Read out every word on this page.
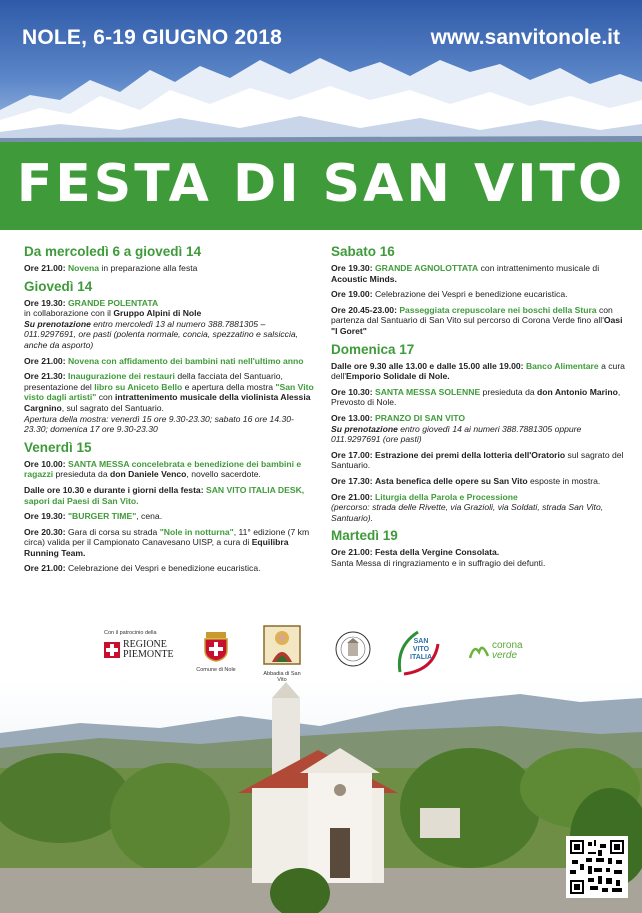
NOLE, 6-19 GIUGNO 2018	www.sanvitonole.it
FESTA DI SAN VITO
Da mercoledì 6 a giovedì 14
Ore 21.00: Novena in preparazione alla festa
Giovedì 14
Ore 19.30: GRANDE POLENTATA
in collaborazione con il Gruppo Alpini di Nole
Su prenotazione entro mercoledì 13 al numero 388.7881305 – 011.9297691, ore pasti (polenta normale, concia, spezzatino e salsiccia, anche da asporto)
Ore 21.00: Novena con affidamento dei bambini nati nell'ultimo anno
Ore 21.30: Inaugurazione dei restauri della facciata del Santuario, presentazione del libro su Aniceto Bello e apertura della mostra "San Vito visto dagli artisti" con intrattenimento musicale della violinista Alessia Cargnino, sul sagrato del Santuario.
Apertura della mostra: venerdì 15 ore 9.30-23.30; sabato 16 ore 14.30-23.30; domenica 17 ore 9.30-23.30
Venerdì 15
Ore 10.00: SANTA MESSA concelebrata e benedizione dei bambini e ragazzi presieduta da don Daniele Venco, novello sacerdote.
Dalle ore 10.30 e durante i giorni della festa: SAN VITO ITALIA DESK, sapori dai Paesi di San Vito.
Ore 19.30: "BURGER TIME", cena.
Ore 20.30: Gara di corsa su strada "Nole in notturna", 11° edizione (7 km circa) valida per il Campionato Canavesano UISP, a cura di Equilibra Running Team.
Ore 21.00: Celebrazione dei Vespri e benedizione eucaristica.
Sabato 16
Ore 19.30: GRANDE AGNOLOTTATA con intrattenimento musicale di Acoustic Minds.
Ore 19.00: Celebrazione dei Vespri e benedizione eucaristica.
Ore 20.45-23.00: Passeggiata crepuscolare nei boschi della Stura con partenza dal Santuario di San Vito sul percorso di Corona Verde fino all'Oasi "I Goret"
Domenica 17
Dalle ore 9.30 alle 13.00 e dalle 15.00 alle 19.00: Banco Alimentare a cura dell'Emporio Solidale di Nole.
Ore 10.30: SANTA MESSA SOLENNE presieduta da don Antonio Marino, Prevosto di Nole.
Ore 13.00: PRANZO DI SAN VITO
Su prenotazione entro giovedì 14 ai numeri 388.7881305 oppure 011.9297691 (ore pasti)
Ore 17.00: Estrazione dei premi della lotteria dell'Oratorio sul sagrato del Santuario.
Ore 17.30: Asta benefica delle opere su San Vito esposte in mostra.
Ore 21.00: Liturgia della Parola e Processione
(percorso: strada delle Rivette, via Grazioli, via Soldati, strada San Vito, Santuario).
Martedì 19
Ore 21.00: Festa della Vergine Consolata.
Santa Messa di ringraziamento e in suffragio dei defunti.
Con il patrocinio della
REGIONE
PIEMONTE
Comune di Nole
Abbadia di San Vito
SAN
VITO
ITALIA
corona
verde
